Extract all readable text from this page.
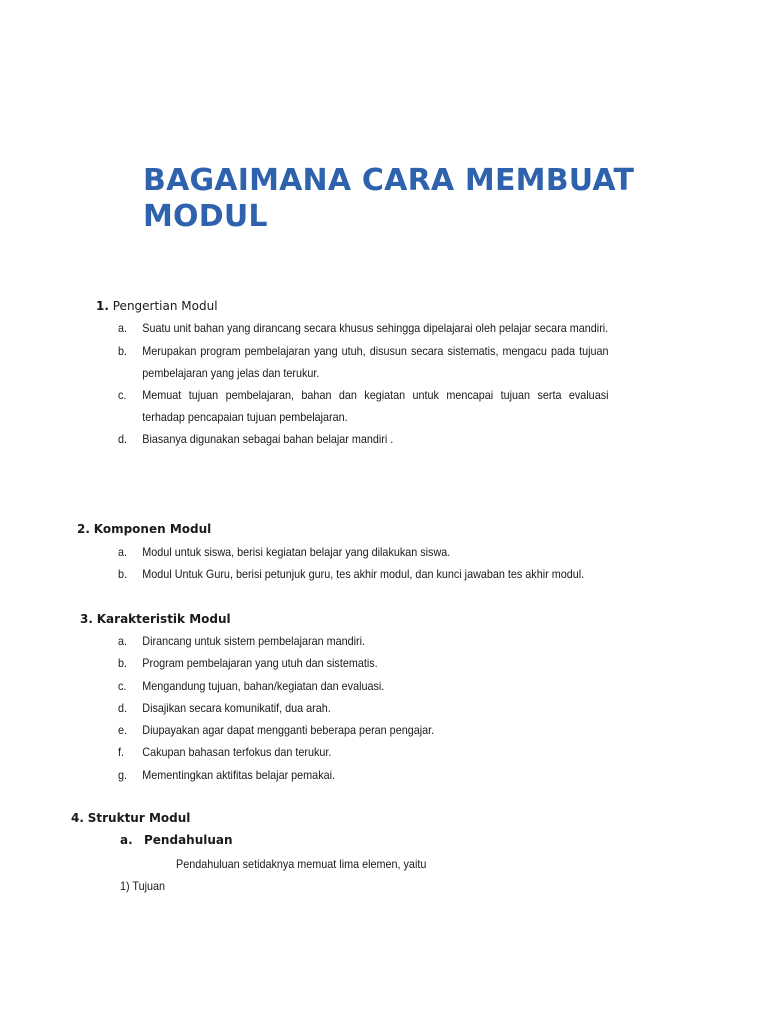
BAGAIMANA CARA MEMBUAT
MODUL
1. Pengertian Modul
a.	Suatu unit bahan yang dirancang secara khusus sehingga dipelajarai oleh pelajar secara mandiri.
b.	Merupakan program pembelajaran yang utuh, disusun secara sistematis, mengacu pada tujuan pembelajaran yang jelas dan terukur.
c.	Memuat tujuan pembelajaran, bahan dan kegiatan untuk mencapai tujuan serta evaluasi terhadap pencapaian tujuan pembelajaran.
d.	Biasanya digunakan sebagai bahan belajar mandiri .
2. Komponen Modul
a.	Modul untuk siswa, berisi kegiatan belajar yang dilakukan siswa.
b.	Modul Untuk Guru, berisi petunjuk guru, tes akhir modul, dan kunci jawaban tes akhir modul.
3. Karakteristik Modul
a.	Dirancang untuk sistem pembelajaran mandiri.
b.	Program pembelajaran yang utuh dan sistematis.
c.	Mengandung tujuan, bahan/kegiatan dan evaluasi.
d.	Disajikan secara komunikatif, dua arah.
e.	Diupayakan agar dapat mengganti beberapa peran pengajar.
f.	Cakupan bahasan terfokus dan terukur.
g.	Mementingkan aktifitas belajar pemakai.
4. Struktur Modul
a. Pendahuluan
Pendahuluan setidaknya memuat lima elemen, yaitu
1) Tujuan
